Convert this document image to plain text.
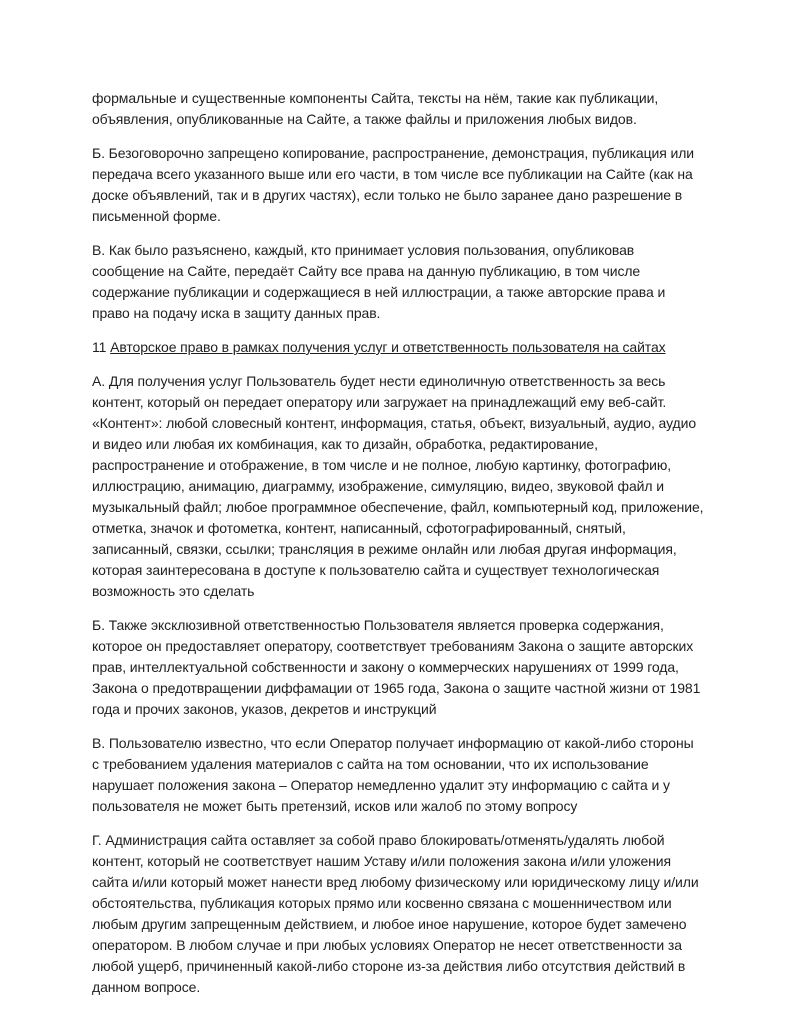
формальные и существенные компоненты Сайта, тексты на нём, такие как публикации, объявления, опубликованные на Сайте, а также файлы и приложения любых видов.

Б. Безоговорочно запрещено копирование, распространение, демонстрация, публикация или передача всего указанного выше или его части, в том числе все публикации на Сайте (как на доске объявлений, так и в других частях), если только не было заранее дано разрешение в письменной форме.

В. Как было разъяснено, каждый, кто принимает условия пользования, опубликовав сообщение на Сайте, передаёт Сайту все права на данную публикацию, в том числе содержание публикации и содержащиеся в ней иллюстрации, а также авторские права и право на подачу иска в защиту данных прав.

11 Авторское право в рамках получения услуг и ответственность пользователя на сайтах

А. Для получения услуг Пользователь будет нести единоличную ответственность за весь контент, который он передает оператору или загружает на принадлежащий ему веб-сайт. «Контент»: любой словесный контент, информация, статья, объект, визуальный, аудио, аудио и видео или любая их комбинация, как то дизайн, обработка, редактирование, распространение и отображение, в том числе и не полное, любую картинку, фотографию, иллюстрацию, анимацию, диаграмму, изображение, симуляцию, видео, звуковой файл и музыкальный файл; любое программное обеспечение, файл, компьютерный код, приложение, отметка, значок и фотометка, контент, написанный, сфотографированный, снятый, записанный, связки, ссылки; трансляция в режиме онлайн или любая другая информация, которая заинтересована в доступе к пользователю сайта и существует технологическая возможность это сделать

Б. Также эксклюзивной ответственностью Пользователя является проверка содержания, которое он предоставляет оператору, соответствует требованиям Закона о защите авторских прав, интеллектуальной собственности и закону о коммерческих нарушениях от 1999 года, Закона о предотвращении диффамации от 1965 года, Закона о защите частной жизни от 1981 года и прочих законов, указов, декретов и инструкций

В. Пользователю известно, что если Оператор получает информацию от какой-либо стороны с требованием удаления материалов с сайта на том основании, что их использование нарушает положения закона – Оператор немедленно удалит эту информацию с сайта и у пользователя не может быть претензий, исков или жалоб по этому вопросу

Г. Администрация сайта оставляет за собой право блокировать/отменять/удалять любой контент, который не соответствует нашим Уставу и/или положения закона и/или уложения сайта и/или который может нанести вред любому физическому или юридическому лицу и/или обстоятельства, публикация которых прямо или косвенно связана с мошенничеством или любым другим запрещенным действием, и любое иное нарушение, которое будет замечено оператором. В любом случае и при любых условиях Оператор не несет ответственности за любой ущерб, причиненный какой-либо стороне из-за действия либо отсутствия действий в данном вопросе.
